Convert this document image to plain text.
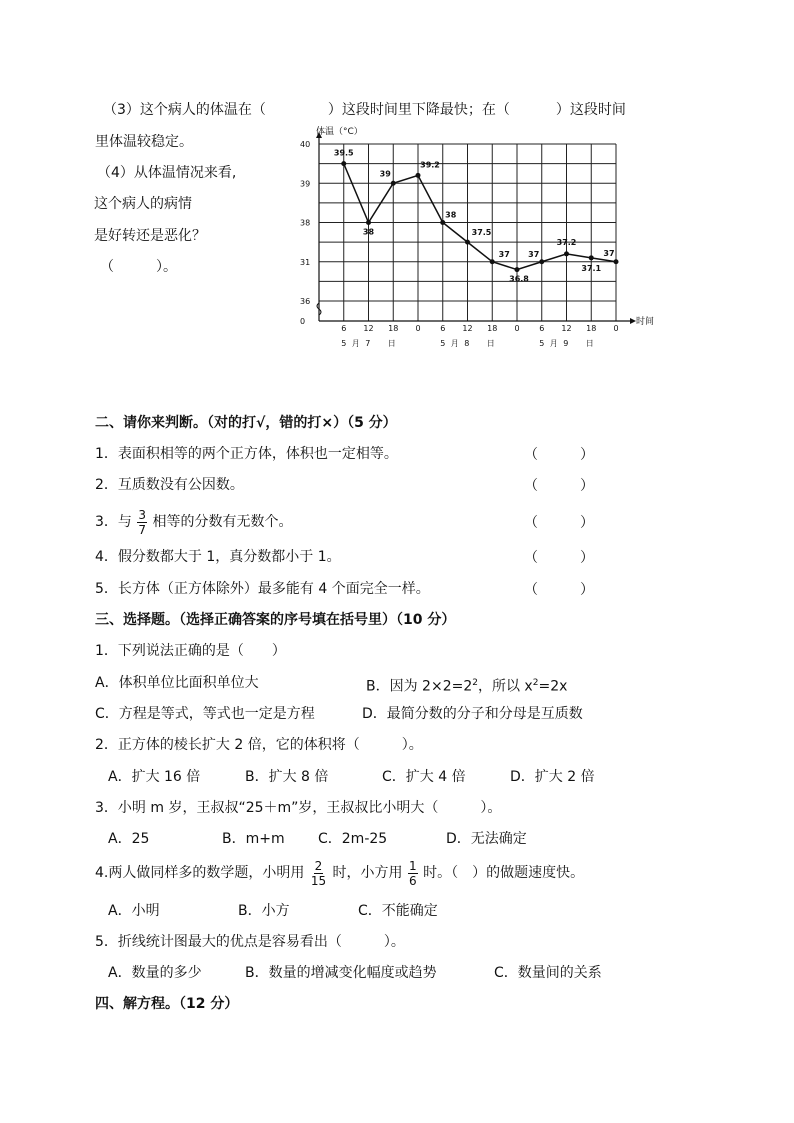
（3）这个病人的体温在（	）这段时间里下降最快；在（	）这段时间
里体温较稳定。
（4）从体温情况来看,
这个病人的病情
是好转还是恶化？
（　　　）。
体温（°C）
时间
40
39
38
31
36
0
6 12 18 0 6 12 18 0 6 12 18 0
5 月 7 日	5 月 8 日	5 月 9 日
39.5
38
39
39.2
38
37.5
37
36.8
37
37.2
37.1
37
二、请你来判断。（对的打√，错的打×）（5 分）
1．表面积相等的两个正方体，体积也一定相等。	（　　　）
2．互质数没有公因数。	（　　　）
3．与 $\frac{3}{7}$ 相等的分数有无数个。	（　　　）
4．假分数都大于 1，真分数都小于 1。	（　　　）
5．长方体（正方体除外）最多能有 4 个面完全一样。	（　　　）
三、选择题。（选择正确答案的序号填在括号里）（10 分）
1．下列说法正确的是（　　）
A．体积单位比面积单位大	B．因为 $2\times 2=2^2$，所以 $x^2=2x$
C．方程是等式，等式也一定是方程	D．最简分数的分子和分母是互质数
2．正方体的棱长扩大 2 倍，它的体积将（　　　）。
A．扩大 16 倍	B．扩大 8 倍	C．扩大 4 倍	D．扩大 2 倍
3．小明 m 岁，王叔叔“25＋m”岁，王叔叔比小明大（　　　）。
A．25	B．m+m C．2m-25	D．无法确定
4.两人做同样多的数学题，小明用 $\frac{2}{15}$ 时，小方用 $\frac{1}{6}$ 时。（　）的做题速度快。
A．小明	B．小方	C．不能确定
5．折线统计图最大的优点是容易看出（　　　）。
A．数量的多少	B．数量的增减变化幅度或趋势	C．数量间的关系
四、解方程。（12 分）
